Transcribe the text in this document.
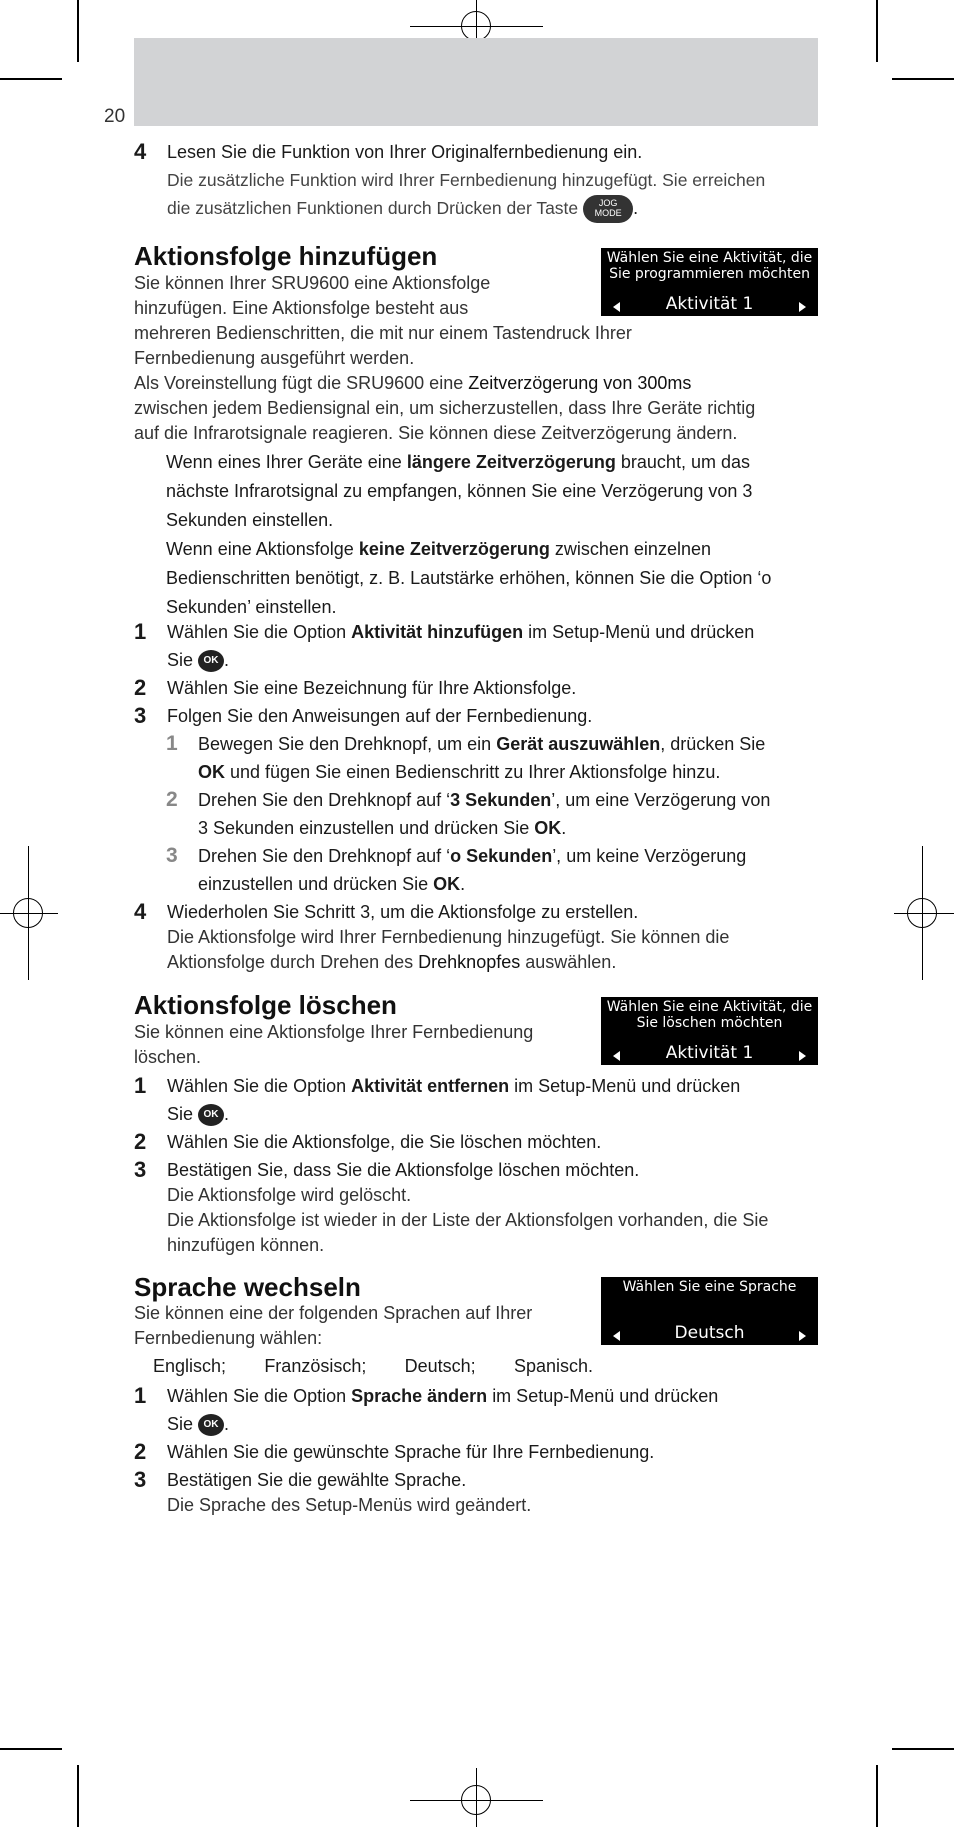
20
4 Lesen Sie die Funktion von Ihrer Originalfernbedienung ein.
Die zusätzliche Funktion wird Ihrer Fernbedienung hinzugefügt. Sie erreichen
die zusätzlichen Funktionen durch Drücken der Taste JOG
MODE .
Aktionsfolge hinzufügen	Wählen Sie eine Aktivität, die Sie programmieren möchten
Aktivität 1
Sie können Ihrer SRU9600 eine Aktionsfolge
hinzufügen. Eine Aktionsfolge besteht aus
mehreren Bedienschritten, die mit nur einem Tastendruck Ihrer
Fernbedienung ausgeführt werden.
Als Voreinstellung fügt die SRU9600 eine Zeitverzögerung von 300ms
zwischen jedem Bediensignal ein, um sicherzustellen, dass Ihre Geräte richtig
auf die Infrarotsignale reagieren. Sie können diese Zeitverzögerung ändern.
Wenn eines Ihrer Geräte eine längere Zeitverzögerung braucht, um das
nächste Infrarotsignal zu empfangen, können Sie eine Verzögerung von 3
Sekunden einstellen.
Wenn eine Aktionsfolge keine Zeitverzögerung zwischen einzelnen
Bedienschritten benötigt, z. B. Lautstärke erhöhen, können Sie die Option ‘o
Sekunden’ einstellen.
1 Wählen Sie die Option Aktivität hinzufügen im Setup-Menü und drücken
Sie OK .
2 Wählen Sie eine Bezeichnung für Ihre Aktionsfolge.
3 Folgen Sie den Anweisungen auf der Fernbedienung.
1 Bewegen Sie den Drehknopf, um ein Gerät auszuwählen, drücken Sie
OK und fügen Sie einen Bedienschritt zu Ihrer Aktionsfolge hinzu.
2 Drehen Sie den Drehknopf auf ‘3 Sekunden’, um eine Verzögerung von
3 Sekunden einzustellen und drücken Sie OK.
3 Drehen Sie den Drehknopf auf ‘o Sekunden’, um keine Verzögerung
einzustellen und drücken Sie OK.
4 Wiederholen Sie Schritt 3, um die Aktionsfolge zu erstellen.
Die Aktionsfolge wird Ihrer Fernbedienung hinzugefügt. Sie können die
Aktionsfolge durch Drehen des Drehknopfes auswählen.
Aktionsfolge löschen	Wählen Sie eine Aktivität, die Sie löschen möchten
Aktivität 1
Sie können eine Aktionsfolge Ihrer Fernbedienung
löschen.
1 Wählen Sie die Option Aktivität entfernen im Setup-Menü und drücken
Sie OK .
2 Wählen Sie die Aktionsfolge, die Sie löschen möchten.
3 Bestätigen Sie, dass Sie die Aktionsfolge löschen möchten.
Die Aktionsfolge wird gelöscht.
Die Aktionsfolge ist wieder in der Liste der Aktionsfolgen vorhanden, die Sie
hinzufügen können.
Sprache wechseln	Wählen Sie eine Sprache
Deutsch
Sie können eine der folgenden Sprachen auf Ihrer
Fernbedienung wählen:
Englisch; Französisch; Deutsch; Spanisch.
1 Wählen Sie die Option Sprache ändern im Setup-Menü und drücken
Sie OK .
2 Wählen Sie die gewünschte Sprache für Ihre Fernbedienung.
3 Bestätigen Sie die gewählte Sprache.
Die Sprache des Setup-Menüs wird geändert.
